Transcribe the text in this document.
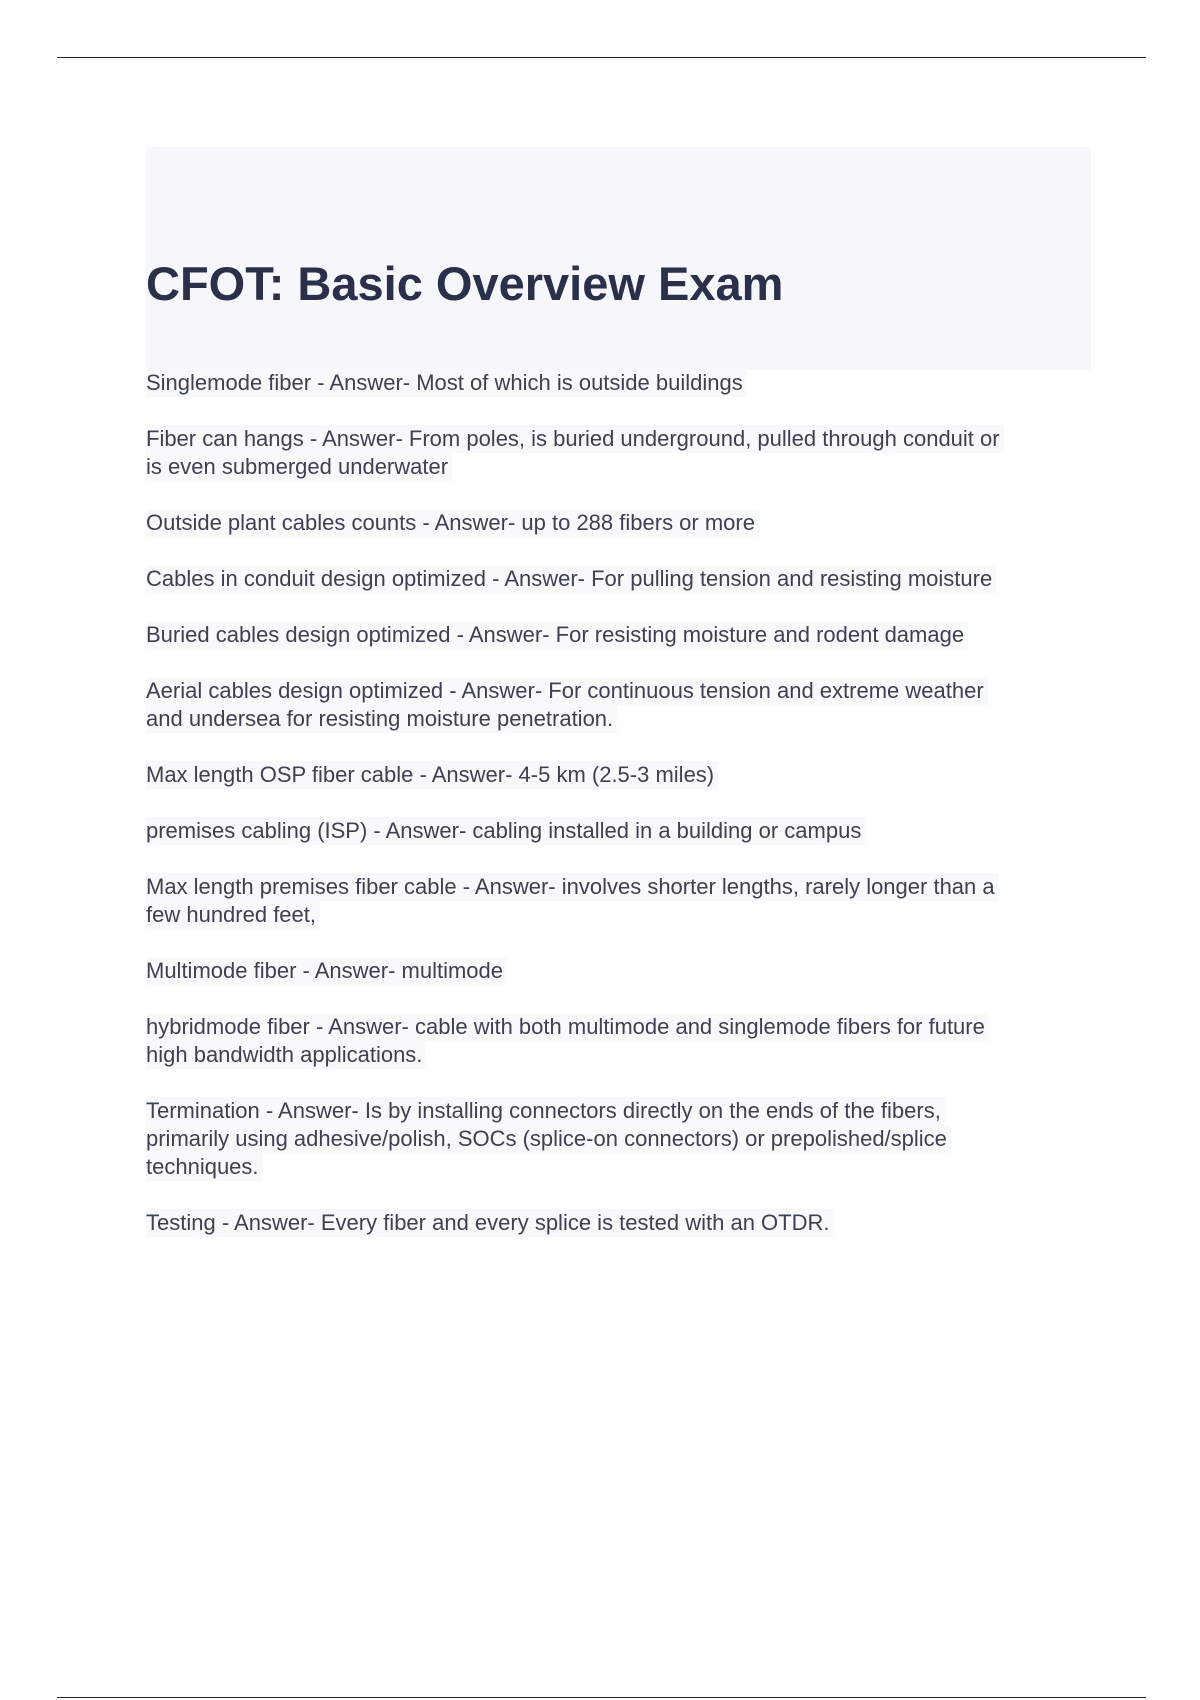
CFOT: Basic Overview Exam

Singlemode fiber - Answer- Most of which is outside buildings

Fiber can hangs - Answer- From poles, is buried underground, pulled through conduit or
is even submerged underwater

Outside plant cables counts - Answer- up to 288 fibers or more

Cables in conduit design optimized - Answer- For pulling tension and resisting moisture

Buried cables design optimized - Answer- For resisting moisture and rodent damage

Aerial cables design optimized - Answer- For continuous tension and extreme weather
and undersea for resisting moisture penetration.

Max length OSP fiber cable - Answer- 4-5 km (2.5-3 miles)

premises cabling (ISP) - Answer- cabling installed in a building or campus

Max length premises fiber cable - Answer- involves shorter lengths, rarely longer than a
few hundred feet,

Multimode fiber - Answer- multimode

hybridmode fiber - Answer- cable with both multimode and singlemode fibers for future
high bandwidth applications.

Termination - Answer- Is by installing connectors directly on the ends of the fibers,
primarily using adhesive/polish, SOCs (splice-on connectors) or prepolished/splice
techniques.

Testing - Answer- Every fiber and every splice is tested with an OTDR.
